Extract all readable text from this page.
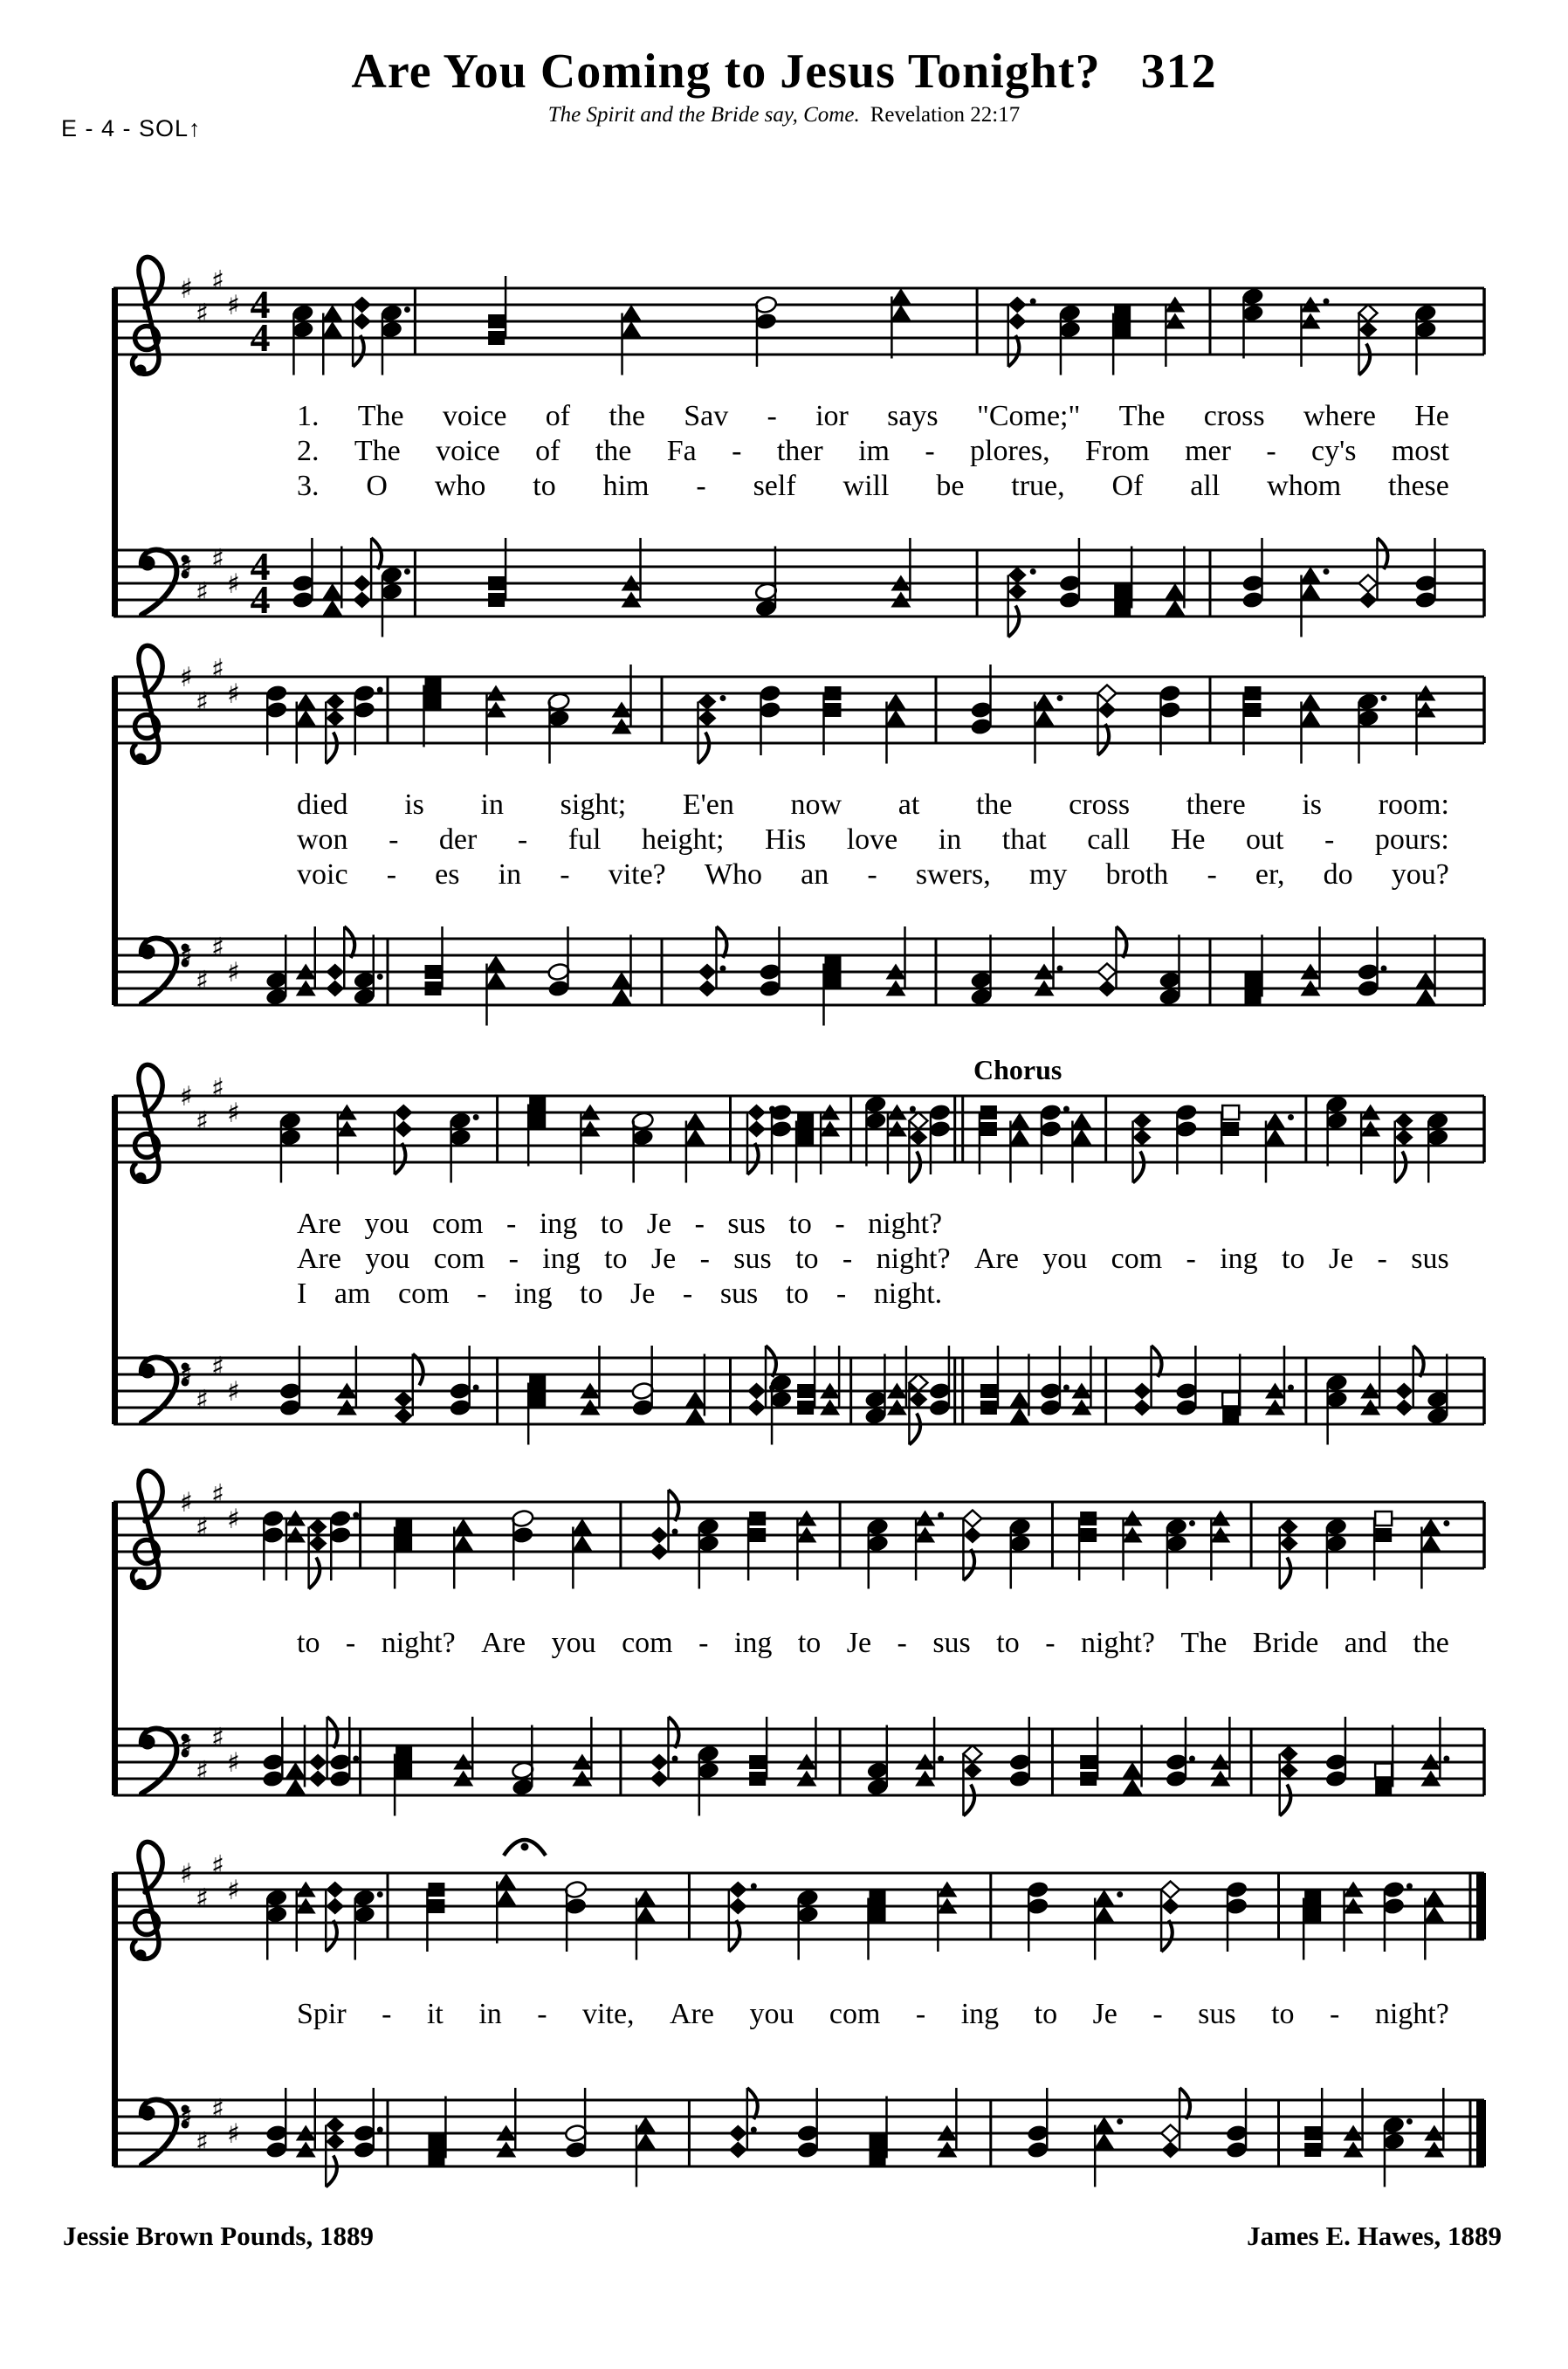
Are You Coming to Jesus Tonight? 312
The Spirit and the Bride say, Come. Revelation 22:17
E - 4 - SOL↑
♯
♯
♯
♯ 4
4
1. The voice of the Sav - ior says "Come;" The cross where He
2. The voice of the Fa - ther im - plores, From mer - cy's most
3. O who to him - self will be true, Of all whom these
♯
♯
♯
♯ 4
4
♯
♯
♯
♯
died is in sight; E'en now at the cross there is room:
won - der - ful height; His love in that call He out - pours:
voic - es in - vite? Who an - swers, my broth - er, do you?
♯
♯
♯
♯
Chorus
♯
♯
♯
♯
Are you com - ing to Je - sus to - night?
Are you com - ing to Je - sus to - night? Are you com - ing to Je - sus
I am com - ing to Je - sus to - night.
♯
♯
♯
♯
♯
♯
♯
♯
to - night? Are you com - ing to Je - sus to - night? The Bride and the
♯
♯
♯
♯
♯
♯
♯
♯
Spir - it in - vite, Are you com - ing to Je - sus to - night?
♯
♯
♯
♯
Jessie Brown Pounds, 1889	James E. Hawes, 1889
